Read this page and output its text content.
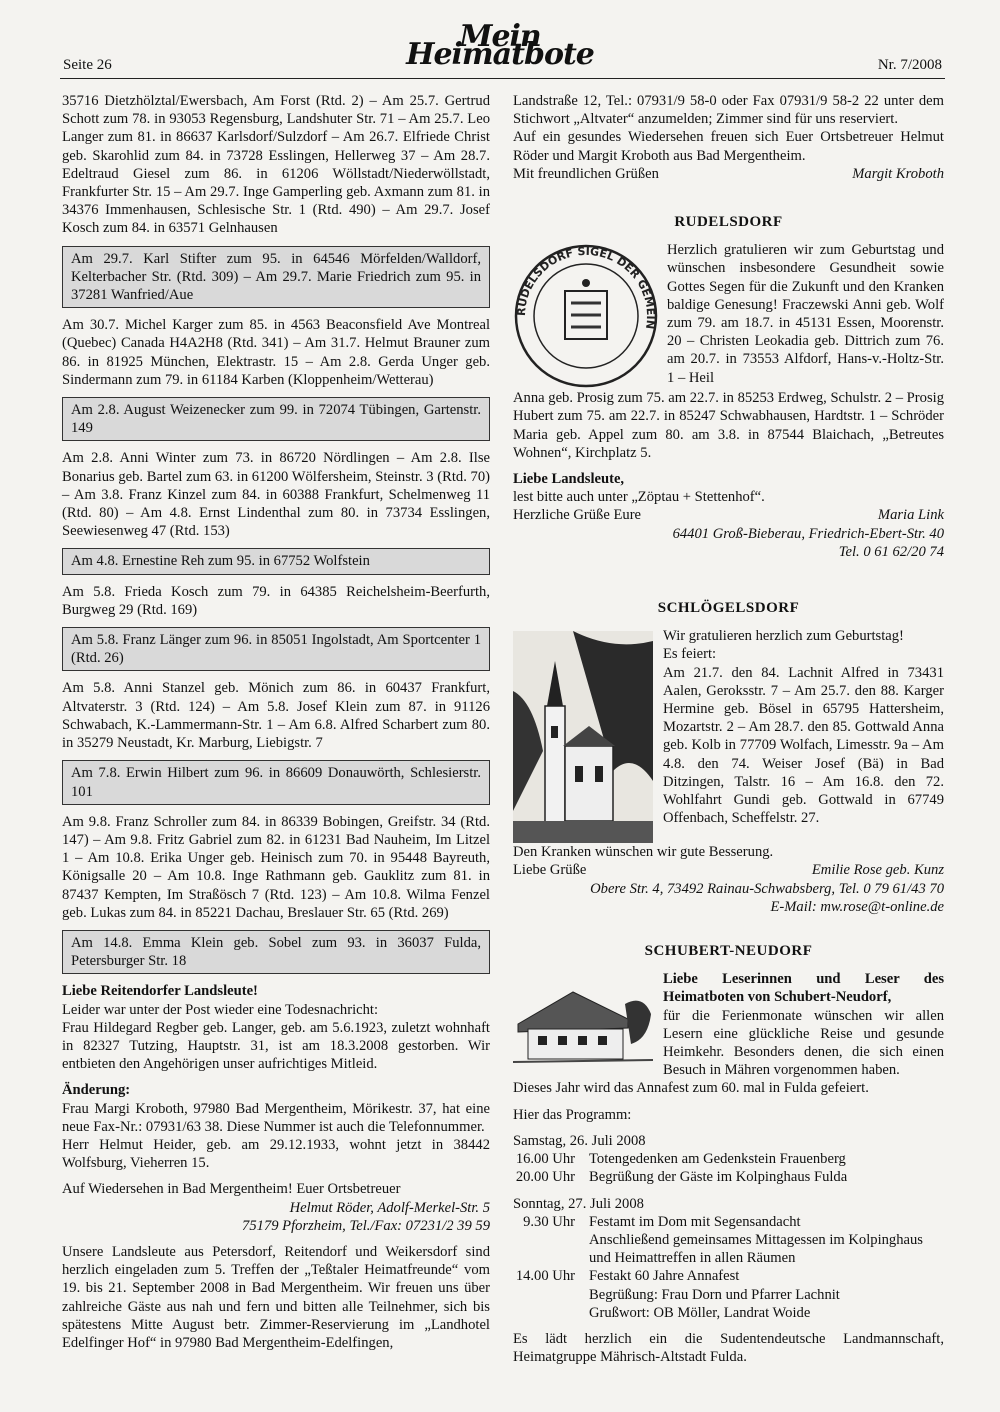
Seite 26
Mein Heimatbote	Nr. 7/2008

35716 Dietzhölztal/Ewersbach, Am Forst (Rtd. 2) – Am 25.7. Gertrud Schott zum 78. in 93053 Regensburg, Landshuter Str. 71 – Am 25.7. Leo Langer zum 81. in 86637 Karlsdorf/Sulzdorf – Am 26.7. Elfriede Christ geb. Skarohlid zum 84. in 73728 Esslingen, Hellerweg 37 – Am 28.7. Edeltraud Giesel zum 86. in 61206 Wöllstadt/Niederwöllstadt, Frankfurter Str. 15 – Am 29.7. Inge Gamperling geb. Axmann zum 81. in 34376 Immenhausen, Schlesische Str. 1 (Rtd. 490) – Am 29.7. Josef Kosch zum 84. in 63571 Gelnhausen

Am 29.7. Karl Stifter zum 95. in 64546 Mörfelden/Walldorf, Kelterbacher Str. (Rtd. 309) – Am 29.7. Marie Friedrich zum 95. in 37281 Wanfried/Aue

Am 30.7. Michel Karger zum 85. in 4563 Beaconsfield Ave Montreal (Quebec) Canada H4A2H8 (Rtd. 341) – Am 31.7. Helmut Brauner zum 86. in 81925 München, Elektrastr. 15 – Am 2.8. Gerda Unger geb. Sindermann zum 79. in 61184 Karben (Kloppenheim/Wetterau)

Am 2.8. August Weizenecker zum 99. in 72074 Tübingen, Gartenstr. 149

Am 2.8. Anni Winter zum 73. in 86720 Nördlingen – Am 2.8. Ilse Bonarius geb. Bartel zum 63. in 61200 Wölfersheim, Steinstr. 3 (Rtd. 70) – Am 3.8. Franz Kinzel zum 84. in 60388 Frankfurt, Schelmenweg 11 (Rtd. 80) – Am 4.8. Ernst Lindenthal zum 80. in 73734 Esslingen, Seewiesenweg 47 (Rtd. 153)

Am 4.8. Ernestine Reh zum 95. in 67752 Wolfstein

Am 5.8. Frieda Kosch zum 79. in 64385 Reichelsheim-Beerfurth, Burgweg 29 (Rtd. 169)

Am 5.8. Franz Länger zum 96. in 85051 Ingolstadt, Am Sportcenter 1 (Rtd. 26)

Am 5.8. Anni Stanzel geb. Mönich zum 86. in 60437 Frankfurt, Altvaterstr. 3 (Rtd. 124) – Am 5.8. Josef Klein zum 87. in 91126 Schwabach, K.-Lammermann-Str. 1 – Am 6.8. Alfred Scharbert zum 80. in 35279 Neustadt, Kr. Marburg, Liebigstr. 7

Am 7.8. Erwin Hilbert zum 96. in 86609 Donauwörth, Schlesierstr. 101

Am 9.8. Franz Schroller zum 84. in 86339 Bobingen, Greifstr. 34 (Rtd. 147) – Am 9.8. Fritz Gabriel zum 82. in 61231 Bad Nauheim, Im Litzel 1 – Am 10.8. Erika Unger geb. Heinisch zum 70. in 95448 Bayreuth, Königsalle 20 – Am 10.8. Inge Rathmann geb. Gauklitz zum 81. in 87437 Kempten, Im Straßösch 7 (Rtd. 123) – Am 10.8. Wilma Fenzel geb. Lukas zum 84. in 85221 Dachau, Breslauer Str. 65 (Rtd. 269)

Am 14.8. Emma Klein geb. Sobel zum 93. in 36037 Fulda, Petersburger Str. 18

Liebe Reitendorfer Landsleute!

Leider war unter der Post wieder eine Todesnachricht:

Frau Hildegard Regber geb. Langer, geb. am 5.6.1923, zuletzt wohnhaft in 82327 Tutzing, Hauptstr. 31, ist am 18.3.2008 gestorben. Wir entbieten den Angehörigen unser aufrichtiges Mitleid.

Änderung:

Frau Margi Kroboth, 97980 Bad Mergentheim, Mörikestr. 37, hat eine neue Fax-Nr.: 07931/63 38. Diese Nummer ist auch die Telefonnummer.

Herr Helmut Heider, geb. am 29.12.1933, wohnt jetzt in 38442 Wolfsburg, Vieherren 15.

Auf Wiedersehen in Bad Mergentheim! Euer Ortsbetreuer

Helmut Röder, Adolf-Merkel-Str. 5

75179 Pforzheim, Tel./Fax: 07231/2 39 59

Unsere Landsleute aus Petersdorf, Reitendorf und Weikersdorf sind herzlich eingeladen zum 5. Treffen der „Teßtaler Heimatfreunde“ vom 19. bis 21. September 2008 in Bad Mergentheim. Wir freuen uns über zahlreiche Gäste aus nah und fern und bitten alle Teilnehmer, sich bis spätestens Mitte August betr. Zimmer-Reservierung im „Landhotel Edelfinger Hof“ in 97980 Bad Mergentheim-Edelfingen,

Landstraße 12, Tel.: 07931/9 58-0 oder Fax 07931/9 58-2 22 unter dem Stichwort „Altvater“ anzumelden; Zimmer sind für uns reserviert.

Auf ein gesundes Wiedersehen freuen sich Euer Ortsbetreuer Helmut Röder und Margit Kroboth aus Bad Mergentheim.

Mit freundlichen Grüßen	Margit Kroboth
RUDELSDORF
RUDELSDORF SIGEL DER GEMEIN

Herzlich gratulieren wir zum Geburtstag und wünschen insbesondere Gesundheit sowie Gottes Segen für die Zukunft und den Kranken baldige Genesung! Fraczewski Anni geb. Wolf zum 79. am 18.7. in 45131 Essen, Moorenstr. 20 – Christen Leokadia geb. Dittrich zum 76. am 20.7. in 73553 Alfdorf, Hans-v.-Holtz-Str. 1 – Heil

Anna geb. Prosig zum 75. am 22.7. in 85253 Erdweg, Schulstr. 2 – Prosig Hubert zum 75. am 22.7. in 85247 Schwabhausen, Hardtstr. 1 – Schröder Maria geb. Appel zum 80. am 3.8. in 87544 Blaichach, „Betreutes Wohnen“, Kirchplatz 5.

Liebe Landsleute,

lest bitte auch unter „Zöptau + Stettenhof“.

Herzliche Grüße Eure	Maria Link

64401 Groß-Bieberau, Friedrich-Ebert-Str. 40

Tel. 0 61 62/20 74

SCHLÖGELSDORF

Wir gratulieren herzlich zum Geburtstag!

Es feiert:

Am 21.7. den 84. Lachnit Alfred in 73431 Aalen, Geroksstr. 7 – Am 25.7. den 88. Karger Hermine geb. Bösel in 65795 Hattersheim, Mozartstr. 2 – Am 28.7. den 85. Gottwald Anna geb. Kolb in 77709 Wolfach, Limesstr. 9a – Am 4.8. den 74. Weiser Josef (Bä) in Bad Ditzingen, Talstr. 16 – Am 16.8. den 72. Wohlfahrt Gundi geb. Gottwald in 67749 Offenbach, Scheffelstr. 27.

Den Kranken wünschen wir gute Besserung.

Liebe Grüße	Emilie Rose geb. Kunz

Obere Str. 4, 73492 Rainau-Schwabsberg, Tel. 0 79 61/43 70

E-Mail: mw.rose@t-online.de

SCHUBERT-NEUDORF

Liebe Leserinnen und Leser des Heimatboten von Schubert-Neudorf,

für die Ferienmonate wünschen wir allen Lesern eine glückliche Reise und gesunde Heimkehr. Besonders denen, die sich einen Besuch in Mähren vorgenommen haben.

Dieses Jahr wird das Annafest zum 60. mal in Fulda gefeiert.

Hier das Programm:

Samstag, 26. Juli 2008

16.00 Uhr Totengedenken am Gedenkstein Frauenberg
20.00 Uhr Begrüßung der Gäste im Kolpinghaus Fulda

Sonntag, 27. Juli 2008

9.30 Uhr Festamt im Dom mit Segensandacht
Anschließend gemeinsames Mittagessen im Kolpinghaus und Heimattreffen in allen Räumen
14.00 Uhr Festakt 60 Jahre Annafest
Begrüßung: Frau Dorn und Pfarrer Lachnit
Grußwort: OB Möller, Landrat Woide

Es lädt herzlich ein die Sudentendeutsche Landmannschaft, Heimatgruppe Mährisch-Altstadt Fulda.
